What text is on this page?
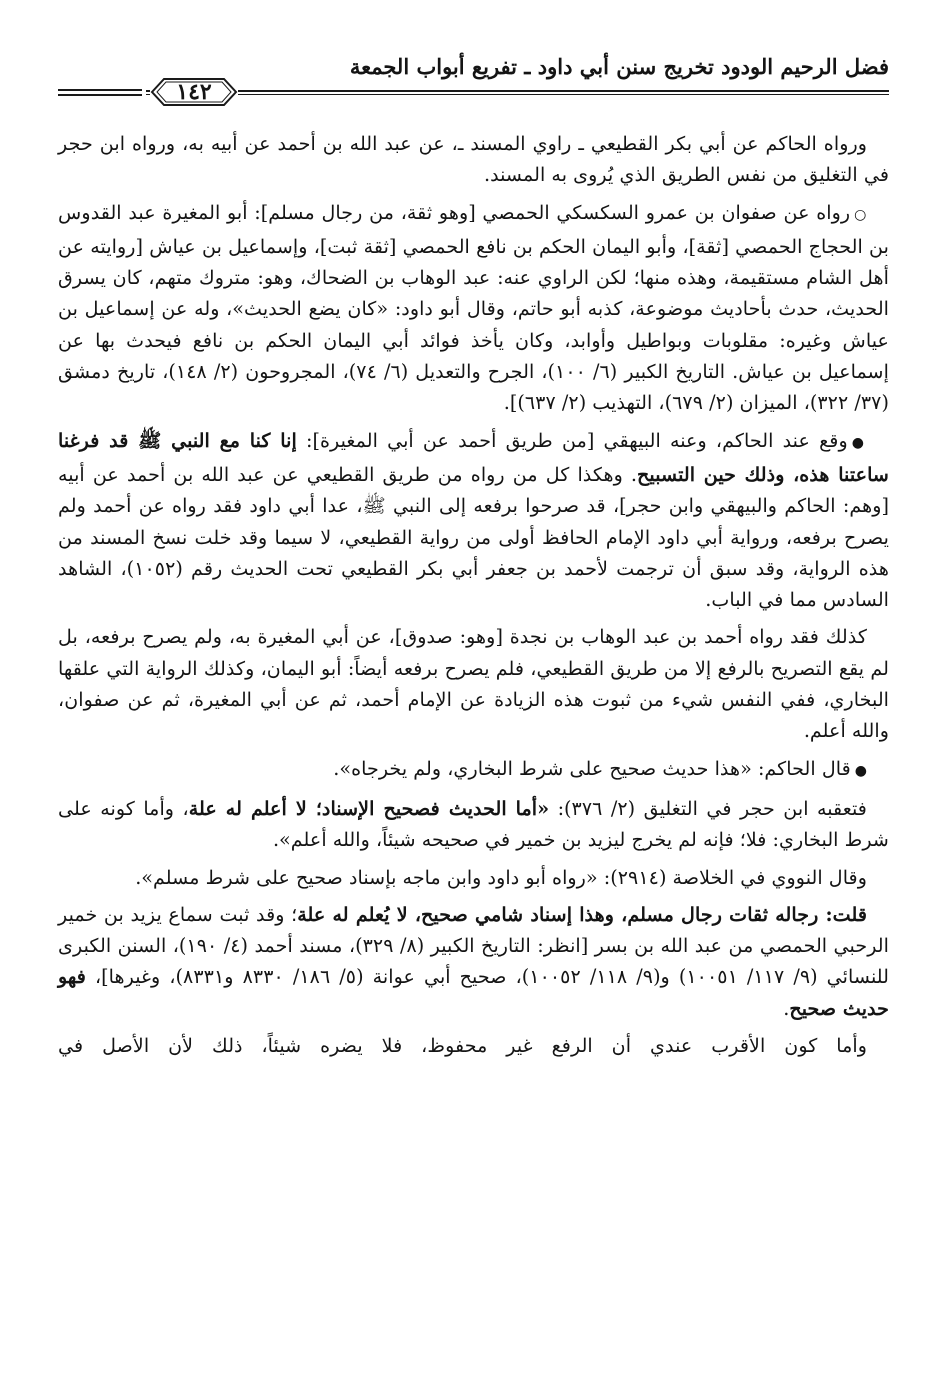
فضل الرحيم الودود تخريج سنن أبي داود ـ تفريع أبواب الجمعة
١٤٢

ورواه الحاكم عن أبي بكر القطيعي ـ راوي المسند ـ، عن عبد الله بن أحمد عن أبيه به، ورواه ابن حجر في التغليق من نفس الطريق الذي يُروى به المسند.

○رواه عن صفوان بن عمرو السكسكي الحمصي [وهو ثقة، من رجال مسلم]: أبو المغيرة عبد القدوس بن الحجاج الحمصي [ثقة]، وأبو اليمان الحكم بن نافع الحمصي [ثقة ثبت]، وإسماعيل بن عياش [روايته عن أهل الشام مستقيمة، وهذه منها؛ لكن الراوي عنه: عبد الوهاب بن الضحاك، وهو: متروك متهم، كان يسرق الحديث، حدث بأحاديث موضوعة، كذبه أبو حاتم، وقال أبو داود: «كان يضع الحديث»، وله عن إسماعيل بن عياش وغيره: مقلوبات وبواطيل وأوابد، وكان يأخذ فوائد أبي اليمان الحكم بن نافع فيحدث بها عن إسماعيل بن عياش. التاريخ الكبير (٦/ ١٠٠)، الجرح والتعديل (٦/ ٧٤)، المجروحون (٢/ ١٤٨)، تاريخ دمشق (٣٧/ ٣٢٢)، الميزان (٢/ ٦٧٩)، التهذيب (٢/ ٦٣٧)].

●وقع عند الحاكم، وعنه البيهقي [من طريق أحمد عن أبي المغيرة]: إنا كنا مع النبي ﷺ قد فرغنا ساعتنا هذه، وذلك حين التسبيح. وهكذا كل من رواه من طريق القطيعي عن عبد الله بن أحمد عن أبيه [وهم: الحاكم والبيهقي وابن حجر]، قد صرحوا برفعه إلى النبي ﷺ، عدا أبي داود فقد رواه عن أحمد ولم يصرح برفعه، ورواية أبي داود الإمام الحافظ أولى من رواية القطيعي، لا سيما وقد خلت نسخ المسند من هذه الرواية، وقد سبق أن ترجمت لأحمد بن جعفر أبي بكر القطيعي تحت الحديث رقم (١٠٥٢)، الشاهد السادس مما في الباب.

كذلك فقد رواه أحمد بن عبد الوهاب بن نجدة [وهو: صدوق]، عن أبي المغيرة به، ولم يصرح برفعه، بل لم يقع التصريح بالرفع إلا من طريق القطيعي، فلم يصرح برفعه أيضاً: أبو اليمان، وكذلك الرواية التي علقها البخاري، ففي النفس شيء من ثبوت هذه الزيادة عن الإمام أحمد، ثم عن أبي المغيرة، ثم عن صفوان، والله أعلم.

●قال الحاكم: «هذا حديث صحيح على شرط البخاري، ولم يخرجاه».

فتعقبه ابن حجر في التغليق (٢/ ٣٧٦): «أما الحديث فصحيح الإسناد؛ لا أعلم له علة، وأما كونه على شرط البخاري: فلا؛ فإنه لم يخرج ليزيد بن خمير في صحيحه شيئاً، والله أعلم».

وقال النووي في الخلاصة (٢٩١٤): «رواه أبو داود وابن ماجه بإسناد صحيح على شرط مسلم».

قلت: رجاله ثقات رجال مسلم، وهذا إسناد شامي صحيح، لا يُعلم له علة؛ وقد ثبت سماع يزيد بن خمير الرحبي الحمصي من عبد الله بن بسر [انظر: التاريخ الكبير (٨/ ٣٢٩)، مسند أحمد (٤/ ١٩٠)، السنن الكبرى للنسائي (٩/ ١١٧/ ١٠٠٥١) و(٩/ ١١٨/ ١٠٠٥٢)، صحيح أبي عوانة (٥/ ١٨٦/ ٨٣٣٠ و٨٣٣١)، وغيرها]، فهو حديث صحيح.

وأما كون الأقرب عندي أن الرفع غير محفوظ، فلا يضره شيئاً، ذلك لأن الأصل في
